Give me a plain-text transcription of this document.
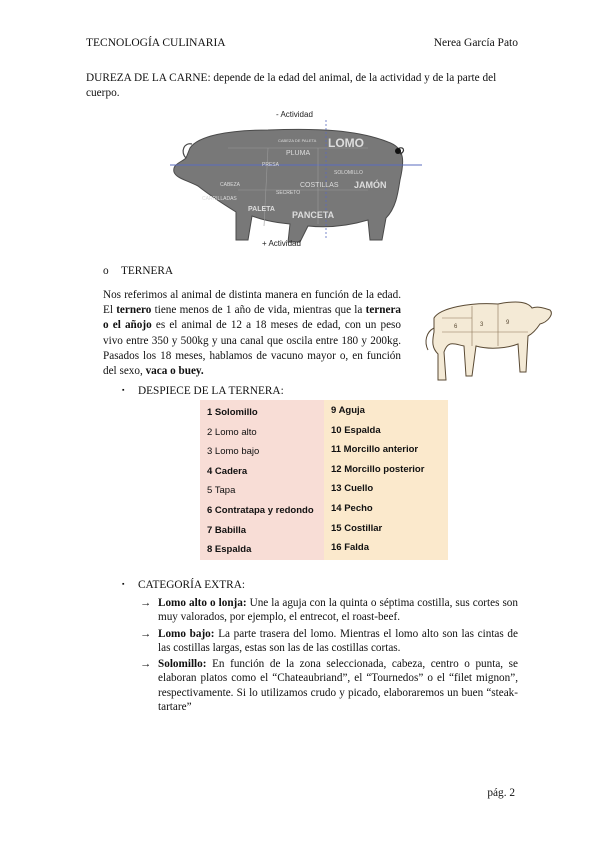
TECNOLOGÍA CULINARIA	Nerea García Pato
DUREZA DE LA CARNE: depende de la edad del animal, de la actividad y de la parte del cuerpo.
- Actividad
+ Actividad
LOMO
JAMÓN
PANCETA
PALETA
COSTILLAS
PLUMA
PRESA
SECRETO
SOLOMILLO
CARRILLADAS
CABEZA
CABEZA DE PALETA
o TERNERA
Nos referimos al animal de distinta manera en función de la edad. El ternero tiene menos de 1 año de vida, mientras que la ternera o el añojo es el animal de 12 a 18 meses de edad, con un peso vivo entre 350 y 500kg y una canal que oscila entre 180 y 200kg. Pasados los 18 meses, hablamos de vacuno mayor o, en función del sexo, vaca o buey.
6	3	9
▪ DESPIECE DE LA TERNERA:
1 Solomillo
2 Lomo alto
3 Lomo bajo
4 Cadera
5 Tapa
6 Contratapa y redondo
7 Babilla
8 Espalda
9 Aguja
10 Espalda
11 Morcillo anterior
12 Morcillo posterior
13 Cuello
14 Pecho
15 Costillar
16 Falda
▪ CATEGORÍA EXTRA:
→ Lomo alto o lonja: Une la aguja con la quinta o séptima costilla, sus cortes son muy valorados, por ejemplo, el entrecot, el roast-beef.
→ Lomo bajo: La parte trasera del lomo. Mientras el lomo alto son las cintas de las costillas largas, estas son las de las costillas cortas.
→ Solomillo: En función de la zona seleccionada, cabeza, centro o punta, se elaboran platos como el “Chateaubriand”, el “Tournedos” o el “filet mignon”, respectivamente. Si lo utilizamos crudo y picado, elaboraremos un buen “steak-tartare”
pág. 2
